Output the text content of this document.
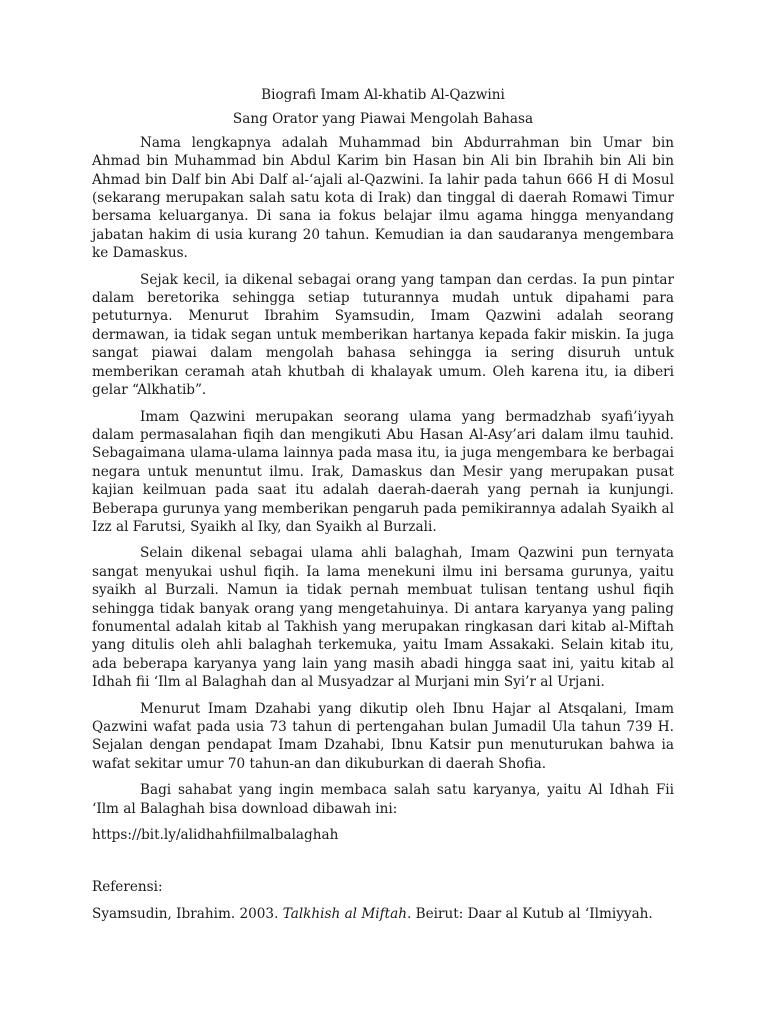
Biografi Imam Al-khatib Al-Qazwini

Sang Orator yang Piawai Mengolah Bahasa

Nama lengkapnya adalah Muhammad bin Abdurrahman bin Umar bin Ahmad bin Muhammad bin Abdul Karim bin Hasan bin Ali bin Ibrahih bin Ali bin Ahmad bin Dalf bin Abi Dalf al-‘ajali al-Qazwini. Ia lahir pada tahun 666 H di Mosul (sekarang merupakan salah satu kota di Irak) dan tinggal di daerah Romawi Timur bersama keluarganya. Di sana ia fokus belajar ilmu agama hingga menyandang jabatan hakim di usia kurang 20 tahun. Kemudian ia dan saudaranya mengembara ke Damaskus.

Sejak kecil, ia dikenal sebagai orang yang tampan dan cerdas. Ia pun pintar dalam beretorika sehingga setiap tuturannya mudah untuk dipahami para petuturnya. Menurut Ibrahim Syamsudin, Imam Qazwini adalah seorang dermawan, ia tidak segan untuk memberikan hartanya kepada fakir miskin. Ia juga sangat piawai dalam mengolah bahasa sehingga ia sering disuruh untuk memberikan ceramah atah khutbah di khalayak umum. Oleh karena itu, ia diberi gelar “Alkhatib”.

Imam Qazwini merupakan seorang ulama yang bermadzhab syafi’iyyah dalam permasalahan fiqih dan mengikuti Abu Hasan Al-Asy’ari dalam ilmu tauhid. Sebagaimana ulama-ulama lainnya pada masa itu, ia juga mengembara ke berbagai negara untuk menuntut ilmu. Irak, Damaskus dan Mesir yang merupakan pusat kajian keilmuan pada saat itu adalah daerah-daerah yang pernah ia kunjungi. Beberapa gurunya yang memberikan pengaruh pada pemikirannya adalah Syaikh al Izz al Farutsi, Syaikh al Iky, dan Syaikh al Burzali.

Selain dikenal sebagai ulama ahli balaghah, Imam Qazwini pun ternyata sangat menyukai ushul fiqih. Ia lama menekuni ilmu ini bersama gurunya, yaitu syaikh al Burzali. Namun ia tidak pernah membuat tulisan tentang ushul fiqih sehingga tidak banyak orang yang mengetahuinya. Di antara karyanya yang paling fonumental adalah kitab al Takhish yang merupakan ringkasan dari kitab al-Miftah yang ditulis oleh ahli balaghah terkemuka, yaitu Imam Assakaki. Selain kitab itu, ada beberapa karyanya yang lain yang masih abadi hingga saat ini, yaitu kitab al Idhah fii ‘Ilm al Balaghah dan al Musyadzar al Murjani min Syi’r al Urjani.

Menurut Imam Dzahabi yang dikutip oleh Ibnu Hajar al Atsqalani, Imam Qazwini wafat pada usia 73 tahun di pertengahan bulan Jumadil Ula tahun 739 H. Sejalan dengan pendapat Imam Dzahabi, Ibnu Katsir pun menuturukan bahwa ia wafat sekitar umur 70 tahun-an dan dikuburkan di daerah Shofia.

Bagi sahabat yang ingin membaca salah satu karyanya, yaitu Al Idhah Fii ‘Ilm al Balaghah bisa download dibawah ini:

https://bit.ly/alidhahfiilmalbalaghah

Referensi:

Syamsudin, Ibrahim. 2003. Talkhish al Miftah. Beirut: Daar al Kutub al ‘Ilmiyyah.
